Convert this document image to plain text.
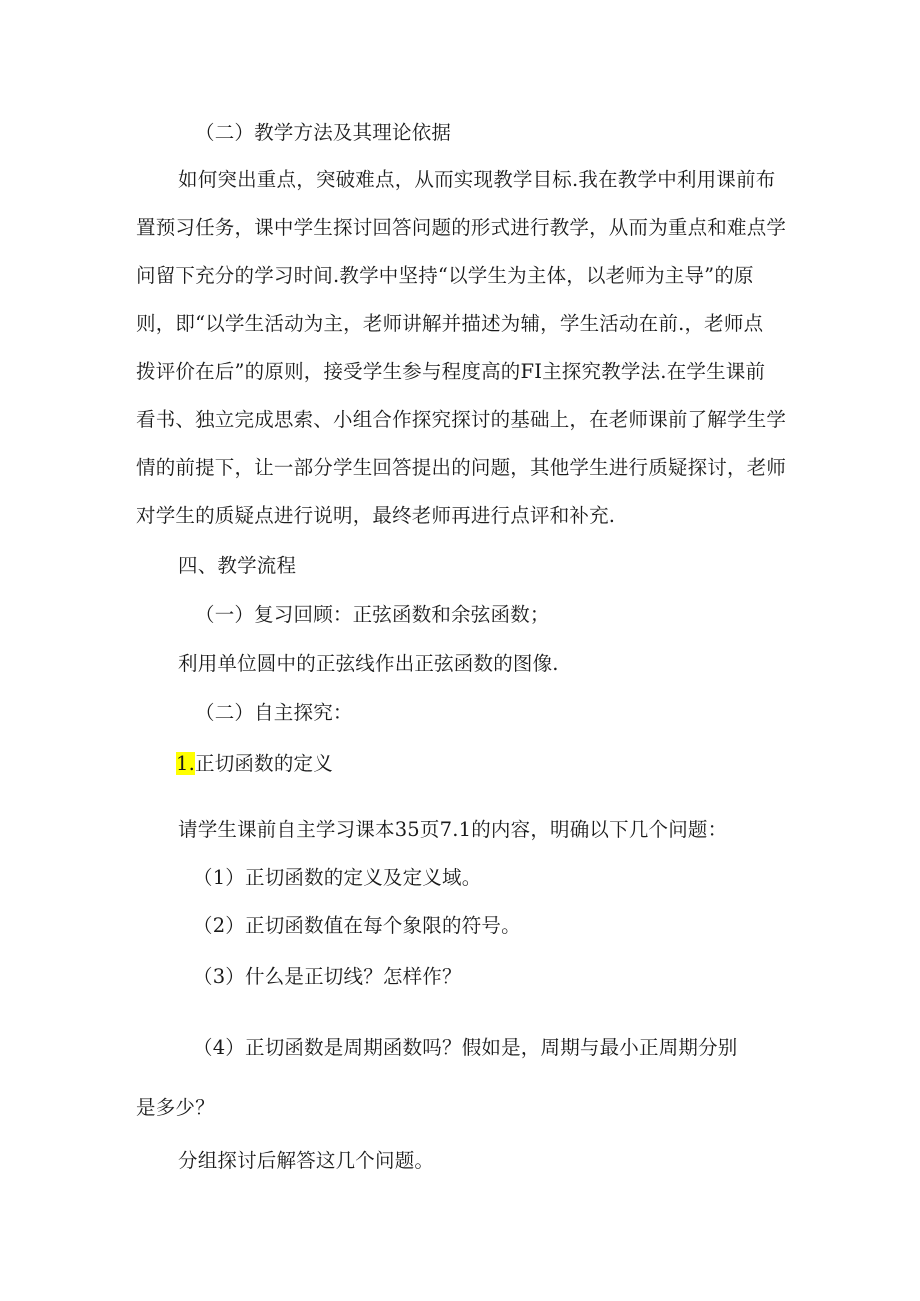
（二）教学方法及其理论依据
如何突出重点，突破难点，从而实现教学目标.我在教学中利用课前布
置预习任务，课中学生探讨回答问题的形式进行教学，从而为重点和难点学
问留下充分的学习时间.教学中坚持“以学生为主体，以老师为主导”的原
则，即“以学生活动为主，老师讲解并描述为辅，学生活动在前.，老师点
拨评价在后”的原则，接受学生参与程度高的FI主探究教学法.在学生课前
看书、独立完成思索、小组合作探究探讨的基础上，在老师课前了解学生学
情的前提下，让一部分学生回答提出的问题，其他学生进行质疑探讨，老师
对学生的质疑点进行说明，最终老师再进行点评和补充.
四、教学流程
（一）复习回顾：正弦函数和余弦函数；
利用单位圆中的正弦线作出正弦函数的图像.
（二）自主探究：
1.正切函数的定义
请学生课前自主学习课本35页7.1的内容，明确以下几个问题：
（1）正切函数的定义及定义域。
（2）正切函数值在每个象限的符号。
（3）什么是正切线？怎样作？
（4）正切函数是周期函数吗？假如是，周期与最小正周期分别
是多少？
分组探讨后解答这几个问题。
